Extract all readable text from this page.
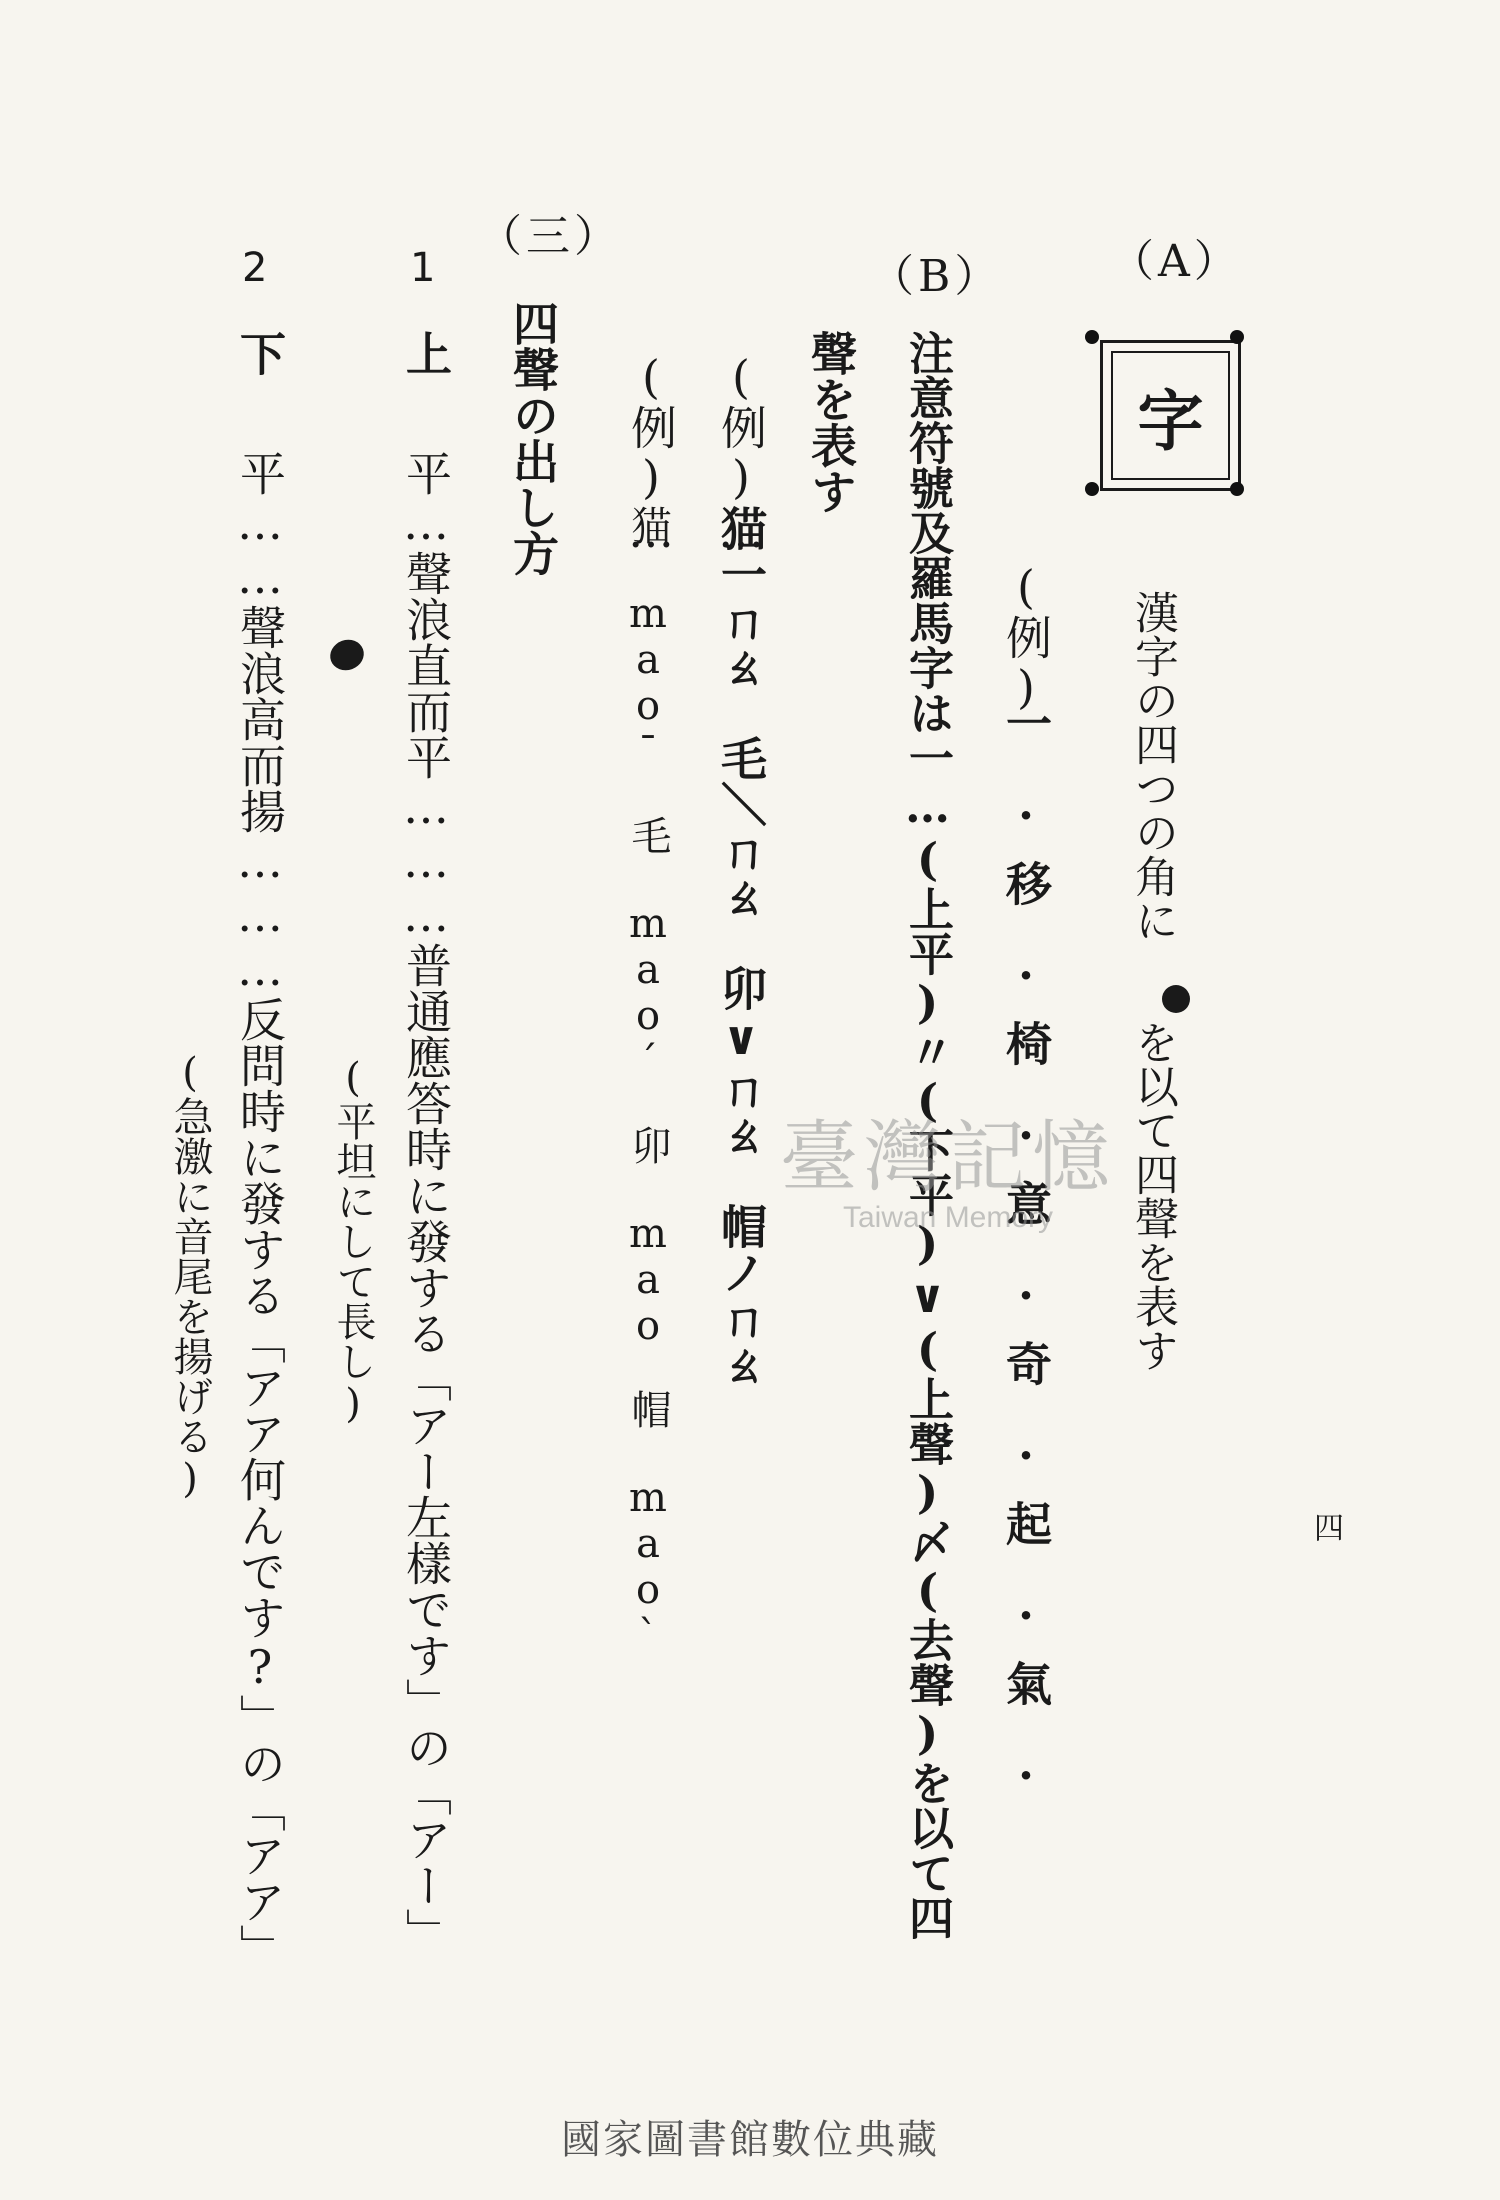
四
（A）
字
漢字の四つの角に
を以て四聲を表す
(例)
一.移.椅.意.奇.起.氣.
（B）
注意符號及羅馬字は一…(上平)〃(下平)∨(上聲)〆(去聲)を以て四
聲を表す
(例)…
猫一ㄇㄠ　毛＼ㄇㄠ　卯∨ㄇㄠ　帽ノㄇㄠ
(例)…
猫 mao¯　毛 mao´　卯 mao　帽 mao`
（三）
四聲の出し方
1
上
平…聲浪直而平………普通應答時に發する「アー左樣です」の「アー」
(平坦にして長し)
2
下
平……聲浪高而揚………反問時に發する「アア何んです?」の「アア」
(急激に音尾を揚げる)	臺灣記憶
Taiwan Memory
國家圖書館數位典藏
